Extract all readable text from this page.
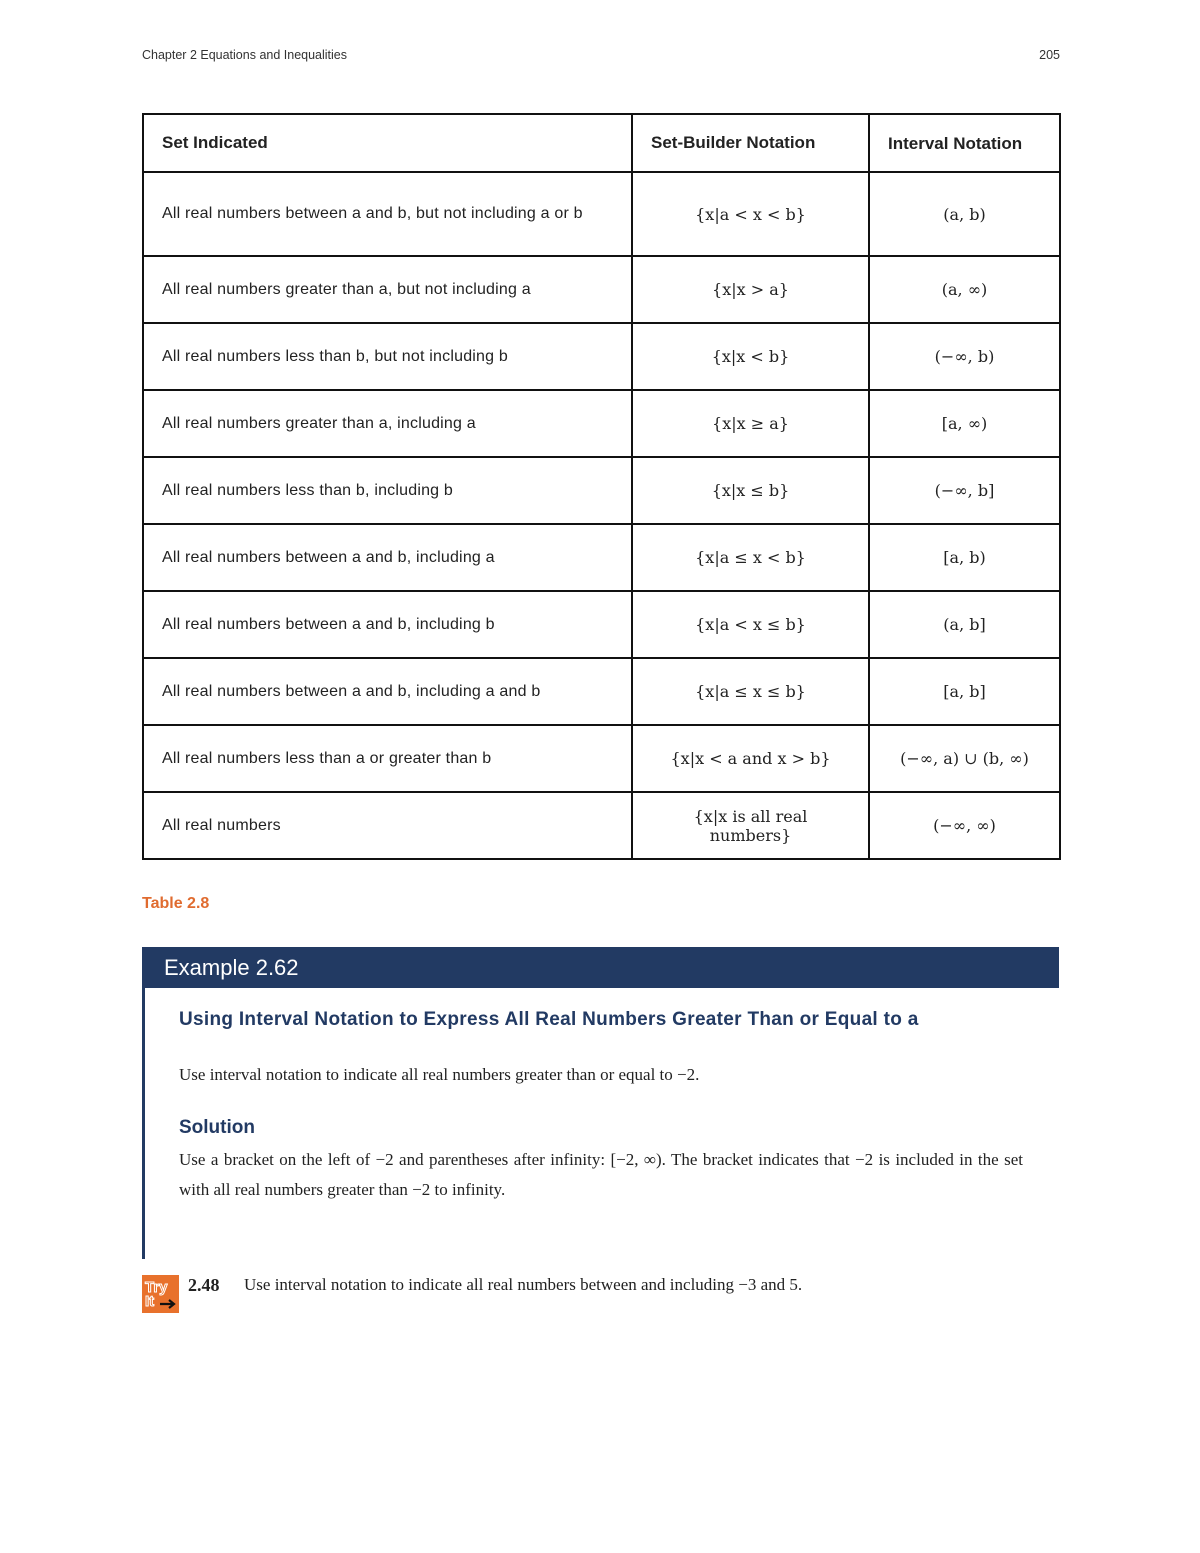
Chapter 2 Equations and Inequalities	205
Set Indicated	Set-Builder Notation	Interval Notation
All real numbers between a and b, but not including a or b	{x|a < x < b}	(a, b)
All real numbers greater than a, but not including a	{x|x > a}	(a, ∞)
All real numbers less than b, but not including b	{x|x < b}	(−∞, b)
All real numbers greater than a, including a	{x|x ≥ a}	[a, ∞)
All real numbers less than b, including b	{x|x ≤ b}	(−∞, b]
All real numbers between a and b, including a	{x|a ≤ x < b}	[a, b)
All real numbers between a and b, including b	{x|a < x ≤ b}	(a, b]
All real numbers between a and b, including a and b	{x|a ≤ x ≤ b}	[a, b]
All real numbers less than a or greater than b	{x|x < a and x > b}	(−∞, a) ∪ (b, ∞)
All real numbers	{x|x is all real numbers}	(−∞, ∞)
Table 2.8
Example 2.62
Using Interval Notation to Express All Real Numbers Greater Than or Equal to a
Use interval notation to indicate all real numbers greater than or equal to −2.
Solution
Use a bracket on the left of −2 and parentheses after infinity: [−2, ∞). The bracket indicates that −2 is included in the set with all real numbers greater than −2 to infinity.
Try It
2.48 Use interval notation to indicate all real numbers between and including −3 and 5.
